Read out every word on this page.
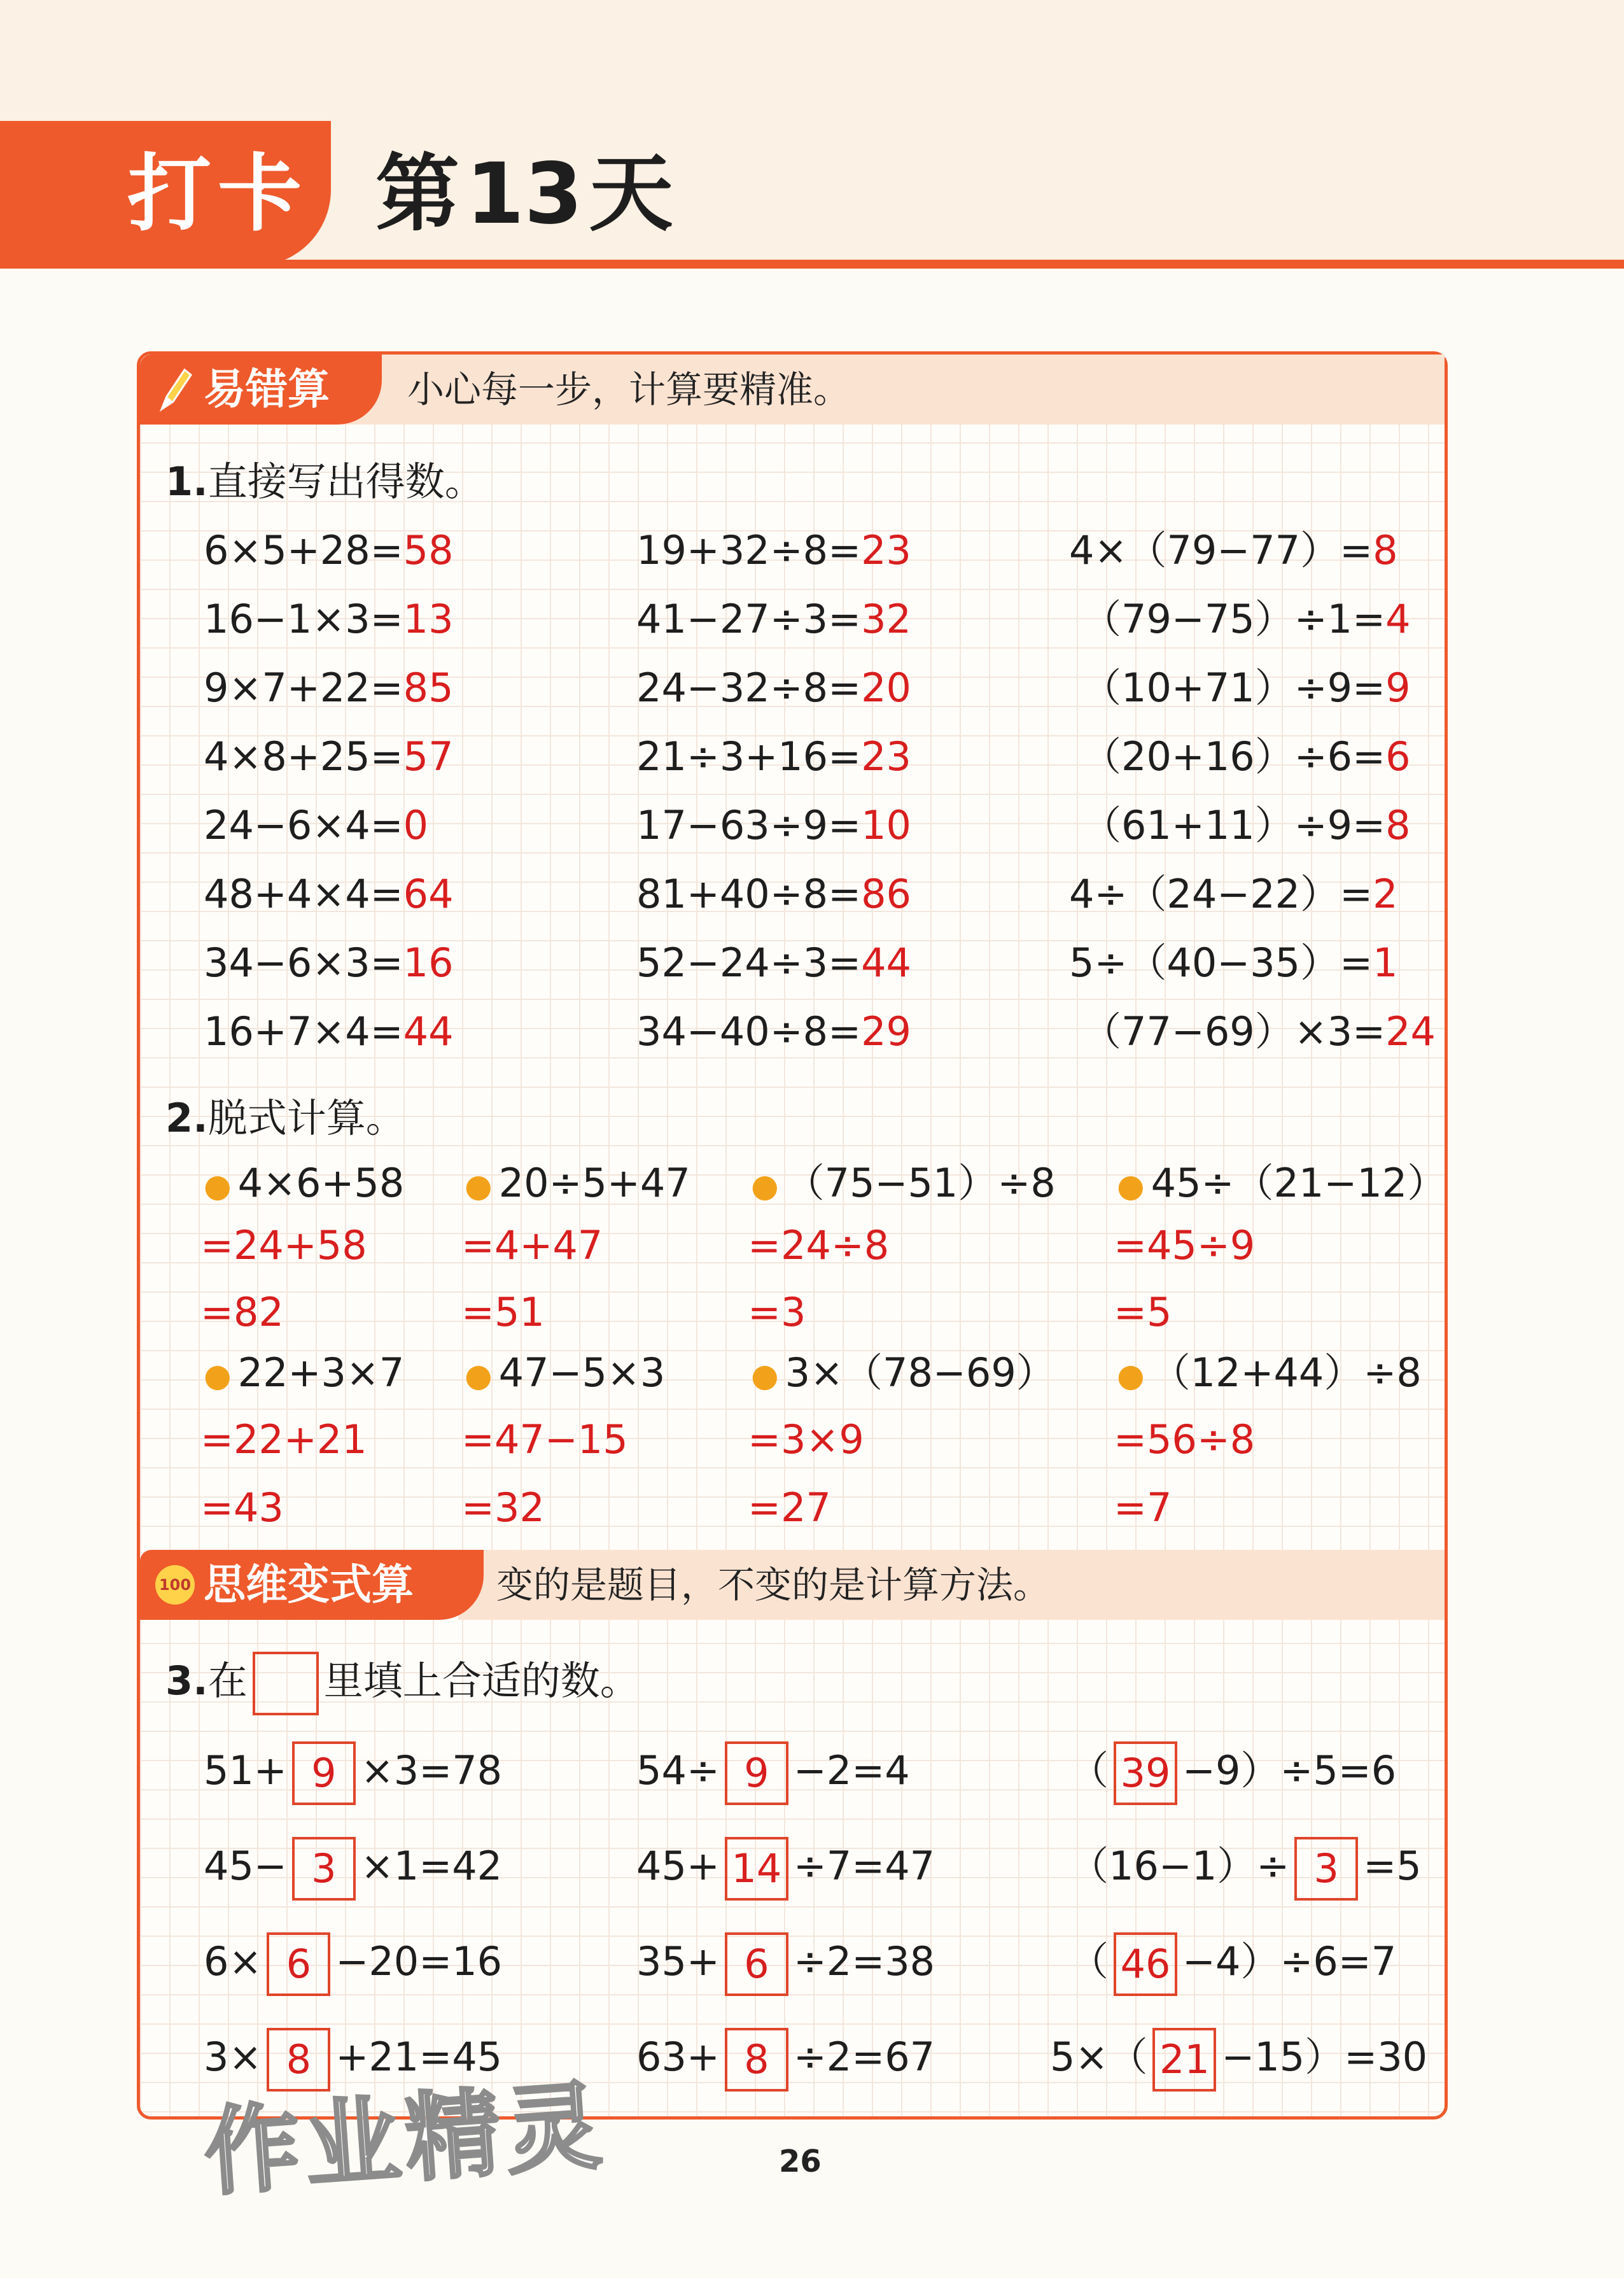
打卡 第13天
易错算	小心每一步，计算要精准。
1.直接写出得数。
6×5+28=58	19+32÷8=23	4×（79−77）=8
16−1×3=13	41−27÷3=32	（79−75）÷1=4
9×7+22=85	24−32÷8=20	（10+71）÷9=9
4×8+25=57	21÷3+16=23	（20+16）÷6=6
24−6×4=0	17−63÷9=10	（61+11）÷9=8
48+4×4=64	81+40÷8=86	4÷（24−22）=2
34−6×3=16	52−24÷3=44	5÷（40−35）=1
16+7×4=44	34−40÷8=29	（77−69）×3=24
2.脱式计算。
● 4×6+58
=24+58
=82
● 20÷5+47
=4+47
=51
● （75−51）÷8
=24÷8
=3
● 45÷（21−12）
=45÷9
=5
● 22+3×7
=22+21
=43
● 47−5×3
=47−15
=32
● 3×（78−69）
=3×9
=27
● （12+44）÷8
=56÷8
=7
100 思维变式算	变的是题目，不变的是计算方法。
3.在 里填上合适的数。
51+ 9 ×3=78	54÷ 9 −2=4	（ 39 −9）÷5=6
45− 3 ×1=42	45+ 14 ÷7=47	（16−1）÷ 3 =5
6× 6 −20=16	35+ 6 ÷2=38	（ 46 −4）÷6=7
3× 8 +21=45	63+ 8 ÷2=67	5×（ 21 −15）=30
作业精灵	26
